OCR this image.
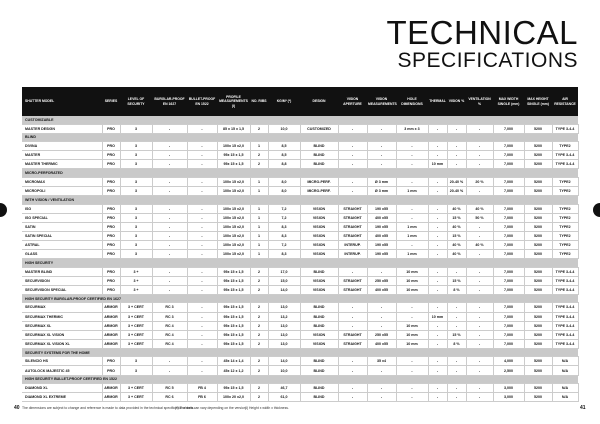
TECHNICAL
SPECIFICATIONS
SHUTTER MODEL	SERIES	LEVEL OF SECURITY	BURGLAR-PROOF EN 1627	BULLET-PROOF EN 1522	PROFILE MEASUREMENTS (l)	NO. RIBS	KG/M² (*)	DESIGN	VISION APERTURE	VISION MEASUREMENTS	HOLE DIMENSIONS	THERMAL	VISION %	VENTILATION %	MAX WIDTH SINGLE (mm)	MAX HEIGHT SINGLE (mm)	AIR RESISTANCE
CUSTOMIZABLE																	
MASTER DESIGN	PRO	3	-	-	85 x 15 x 1,5	2	10,0	CUSTOMIZED	-	-	3 mm x 3	-	-	-	7,000	5200	TYPE 3-4-4
BLIND																	
DIVINA	PRO	3	-	-	100x 15 x2,0	1	8,5	BLIND	-	-	-	-	-	-	7,000	5200	TYPE2
MASTER	PRO	3	-	-	95x 15 x 1,5	2	8,5	BLIND	-	-	-	-	-	-	7,000	5200	TYPE 3-4-4
MASTER THERMIC	PRO	3	-	-	95x 15 x 1,5	2	8,8	BLIND	-	-	-	10 mm	-	-	7,000	5200	TYPE 3-4-4
MICRO-PERFORATED																	
MICROMAX	PRO	3	-	-	100x 15 x2,0	1	8,0	MICRO-PERF.	-	Ø 3 mm	-	-	20-40 %	20 %	7,000	5200	TYPE2
MICROPOLI	PRO	3	-	-	100x 15 x2,0	1	8,0	MICRO-PERF.	-	Ø 3 mm	1 mm	-	20-40 %	-	7,000	5200	TYPE2
WITH VISION / VENTILATION																	
ISO	PRO	3	-	-	100x 15 x2,0	1	7,2	VISION	STRAIGHT	190 x55	-	-	40 %	40 %	7,000	5200	TYPE2
ISO SPECIAL	PRO	3	-	-	100x 15 x2,0	1	7,2	VISION	STRAIGHT	400 x55	-	-	15 %	50 %	7,000	5200	TYPE2
SATIN	PRO	3	-	-	100x 15 x2,0	1	8,3	VISION	STRAIGHT	190 x55	1 mm	-	40 %	-	7,000	5200	TYPE2
SATIN SPECIAL	PRO	3	-	-	100x 15 x2,0	1	8,3	VISION	STRAIGHT	400 x55	1 mm	-	15 %	-	7,000	5200	TYPE2
ASTRAL	PRO	3	-	-	100x 15 x2,0	1	7,2	VISION	INTERUP.	190 x55	-	-	40 %	40 %	7,000	5200	TYPE2
GLASS	PRO	3	-	-	100x 15 x2,0	1	8,3	VISION	INTERUP.	190 x55	1 mm	-	40 %	-	7,000	5200	TYPE2
HIGH SECURITY																	
MASTER BLIND	PRO	3 +	-	-	95x 15 x 1,5	2	17,0	BLIND	-	-	10 mm	-	-	-	7,000	5200	TYPE 3-4-4
SECURVISION	PRO	3 +	-	-	95x 15 x 1,5	2	15,0	VISION	STRAIGHT	250 x55	10 mm	-	15 %	-	7,000	5200	TYPE 3-4-4
SECURVISION SPECIAL	PRO	3 +	-	-	95x 15 x 1,5	2	14,0	VISION	STRAIGHT	400 x55	10 mm	-	8 %	-	7,000	5200	TYPE 3-4-4
HIGH SECURITY BURGLAR-PROOF CERTIFIED EN 1627																	
SECURMAX	ARMOR	3 + CERT	RC 3	-	95x 15 x 1,5	2	13,0	BLIND	-	-	-	-	-	-	7,000	5200	TYPE 3-4-4
SECURMAX THERMIC	ARMOR	3 + CERT	RC 3	-	95x 15 x 1,5	2	13,2	BLIND	-	-	-	10 mm	-	-	7,000	5200	TYPE 3-4-4
SECURMAX XL	ARMOR	3 + CERT	RC 4	-	95x 15 x 1,5	2	13,0	BLIND	-	-	10 mm	-	-	-	7,000	5200	TYPE 3-4-4
SECURMAX XL VISION	ARMOR	3 + CERT	RC 4	-	95x 15 x 1,5	2	13,0	VISION	STRAIGHT	250 x55	10 mm	-	15 %	-	7,000	5200	TYPE 3-4-4
SECURMAX XL VISION XL	ARMOR	3 + CERT	RC 4	-	95x 15 x 1,5	2	13,0	VISION	STRAIGHT	400 x55	10 mm	-	8 %	-	7,000	5200	TYPE 3-4-4
SECURITY SYSTEMS FOR THE HOME																	
SILENCIO HS	PRO	3	-	-	45x 14 x 1,4	2	14,0	BLIND	-	35 x4	-	-	-	-	4,000	5200	N/A
AUTOLOCK MAJESTIC 45	PRO	3	-	-	45x 12 x 1,2	2	10,0	BLIND	-	-	-	-	-	-	2,500	5200	N/A
HIGH SECURITY BULLET-PROOF CERTIFIED EN 1522																	
DIAMOND XL	ARMOR	3 + CERT	RC 5	FB 4	95x 15 x 1,5	2	46,7	BLIND	-	-	-	-	-	-	3,000	5200	N/A
DIAMOND XL EXTREME	ARMOR	3 + CERT	RC 6	FB 6	100x 20 x2,0	2	61,0	BLIND	-	-	-	-	-	-	3,000	5200	N/A
The dimensions are subject to change and reference is made to data provided in the technical specification sheets.
(*) The data can vary depending on the version.
(l) Height x width x thickness.
40	41
